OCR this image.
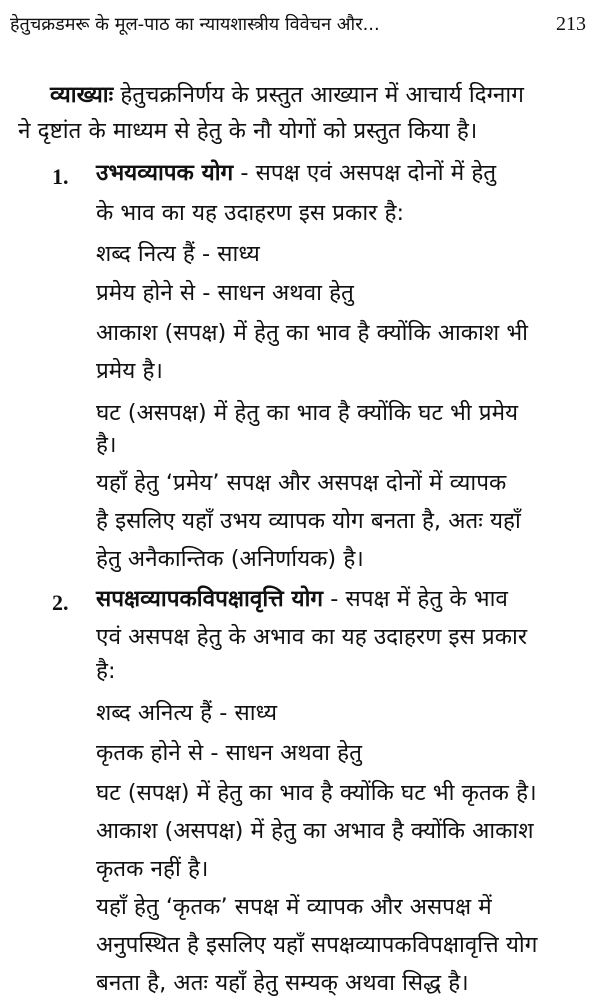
हेतुचक्रडमरू के मूल-पाठ का न्यायशास्त्रीय विवेचन और...	213
व्याख्याः हेतुचक्रनिर्णय के प्रस्तुत आख्यान में आचार्य दिग्नाग
ने दृष्टांत के माध्यम से हेतु के नौ योगों को प्रस्तुत किया है।
1. उभयव्यापक योग - सपक्ष एवं असपक्ष दोनों में हेतु
के भाव का यह उदाहरण इस प्रकार है:
शब्द नित्य हैं - साध्य
प्रमेय होने से - साधन अथवा हेतु
आकाश (सपक्ष) में हेतु का भाव है क्योंकि आकाश भी
प्रमेय है।
घट (असपक्ष) में हेतु का भाव है क्योंकि घट भी प्रमेय
है।
यहाँ हेतु ‘प्रमेय’ सपक्ष और असपक्ष दोनों में व्यापक
है इसलिए यहाँ उभय व्यापक योग बनता है, अतः यहाँ
हेतु अनैकान्तिक (अनिर्णायक) है।
2. सपक्षव्यापकविपक्षावृत्ति योग - सपक्ष में हेतु के भाव
एवं असपक्ष हेतु के अभाव का यह उदाहरण इस प्रकार
है:
शब्द अनित्य हैं - साध्य
कृतक होने से - साधन अथवा हेतु
घट (सपक्ष) में हेतु का भाव है क्योंकि घट भी कृतक है।
आकाश (असपक्ष) में हेतु का अभाव है क्योंकि आकाश
कृतक नहीं है।
यहाँ हेतु ‘कृतक’ सपक्ष में व्यापक और असपक्ष में
अनुपस्थित है इसलिए यहाँ सपक्षव्यापकविपक्षावृत्ति योग
बनता है, अतः यहाँ हेतु सम्यक् अथवा सिद्ध है।
